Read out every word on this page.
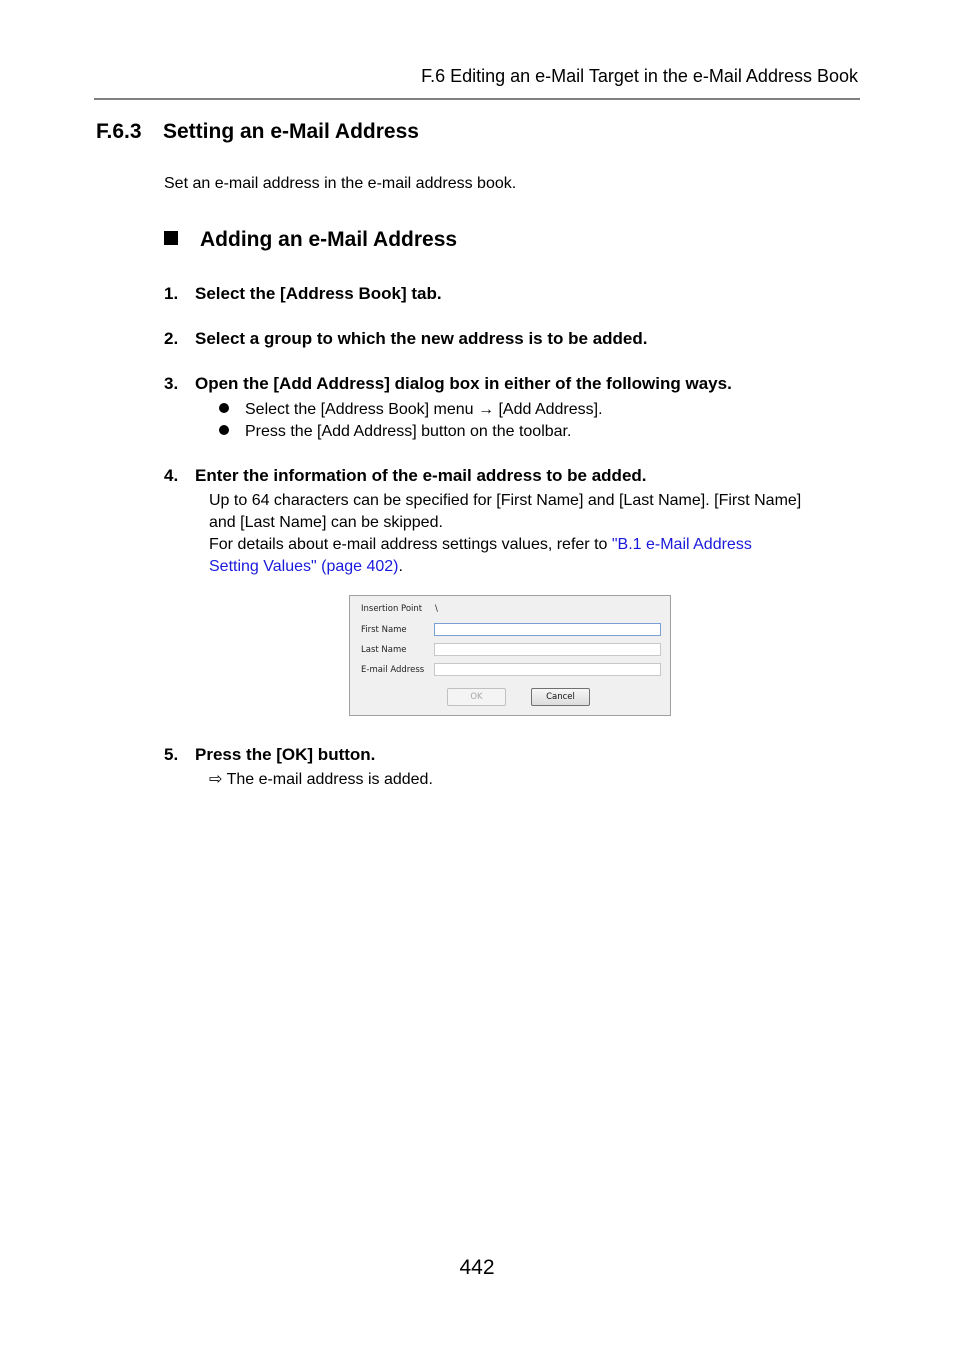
F.6 Editing an e-Mail Target in the e-Mail Address Book
F.6.3 Setting an e-Mail Address
Set an e-mail address in the e-mail address book.
Adding an e-Mail Address
1. Select the [Address Book] tab.
2. Select a group to which the new address is to be added.
3. Open the [Add Address] dialog box in either of the following ways.
Select the [Address Book] menu → [Add Address].
Press the [Add Address] button on the toolbar.
4. Enter the information of the e-mail address to be added.
Up to 64 characters can be specified for [First Name] and [Last Name]. [First Name]
and [Last Name] can be skipped.
For details about e-mail address settings values, refer to "B.1 e-Mail Address
Setting Values" (page 402).
Insertion Point \
First Name
Last Name
E-mail Address
OK	Cancel
5. Press the [OK] button.
⇨ The e-mail address is added.
442
